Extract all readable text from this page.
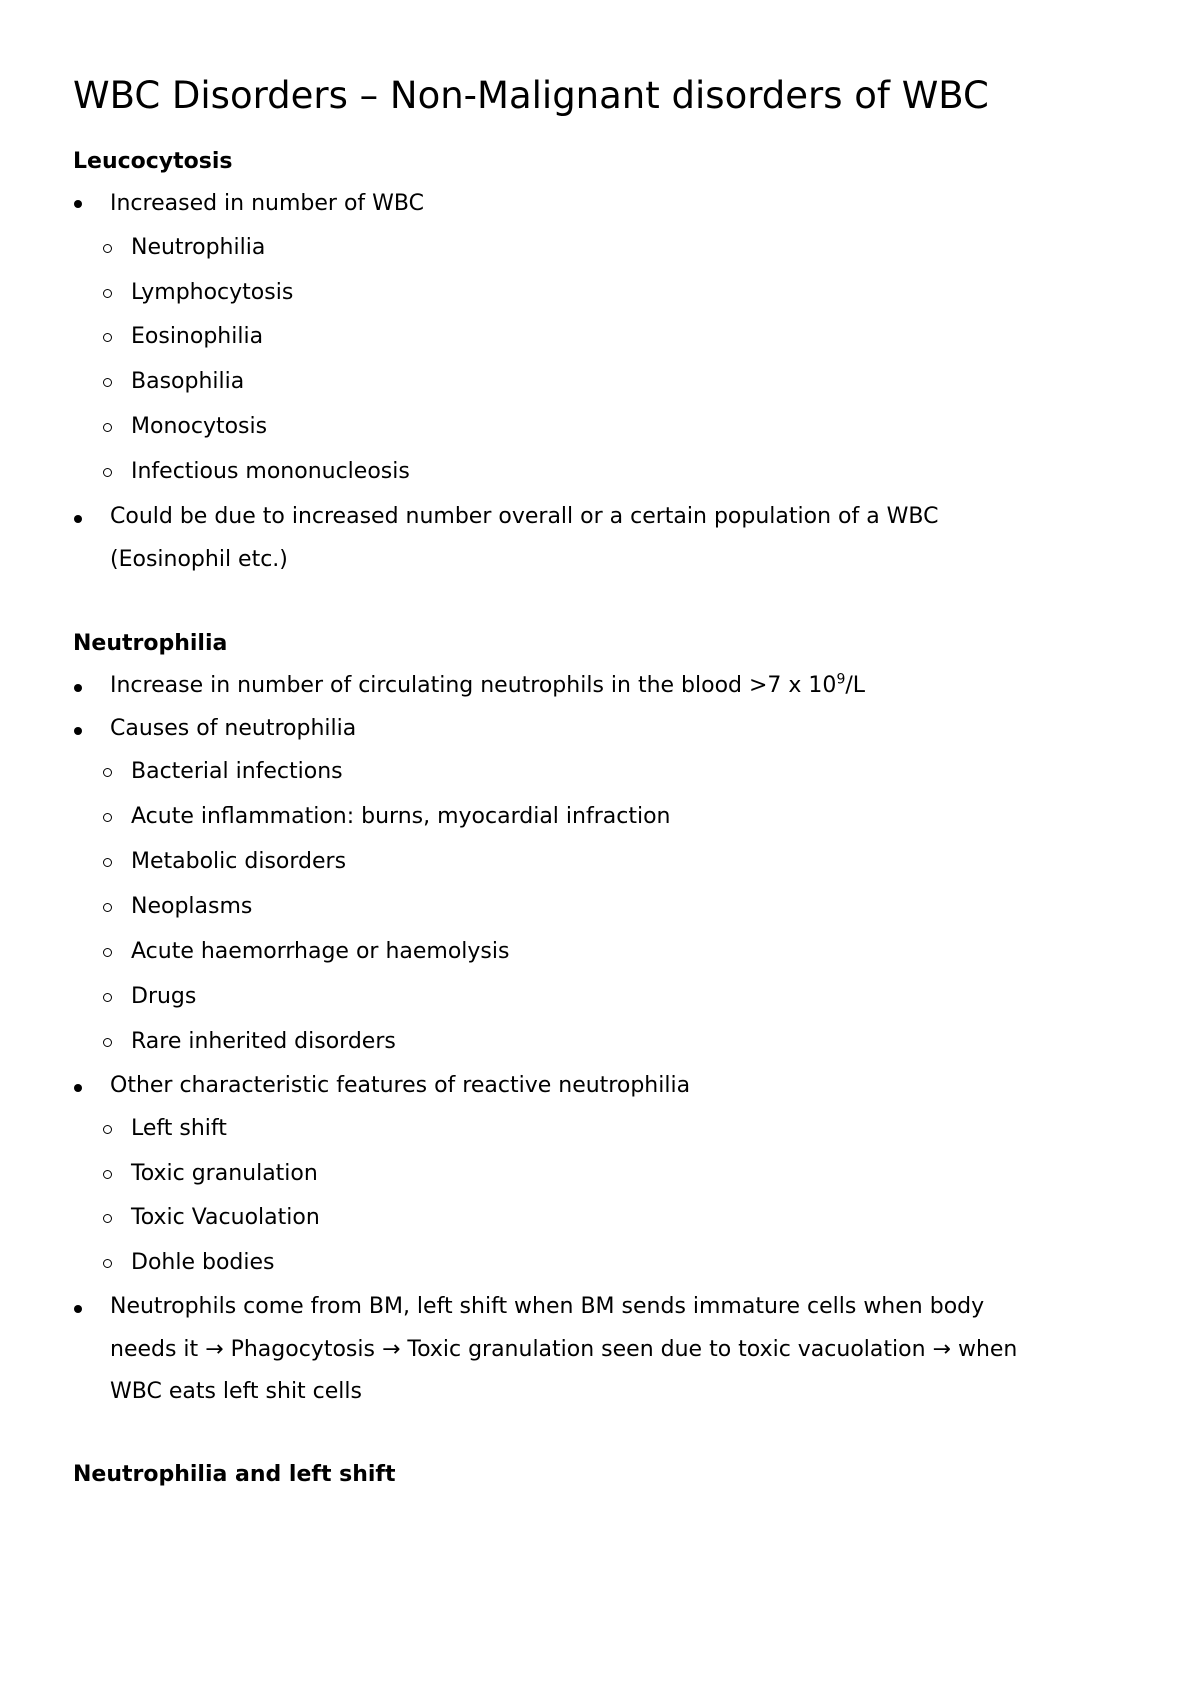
WBC Disorders – Non-Malignant disorders of WBC
Leucocytosis
Increased in number of WBC
Neutrophilia
Lymphocytosis
Eosinophilia
Basophilia
Monocytosis
Infectious mononucleosis
Could be due to increased number overall or a certain population of a WBC
(Eosinophil etc.)
Neutrophilia
Increase in number of circulating neutrophils in the blood >7 x $10^9/L$
Causes of neutrophilia
Bacterial infections
Acute inflammation: burns, myocardial infraction
Metabolic disorders
Neoplasms
Acute haemorrhage or haemolysis
Drugs
Rare inherited disorders
Other characteristic features of reactive neutrophilia
Left shift
Toxic granulation
Toxic Vacuolation
Dohle bodies
Neutrophils come from BM, left shift when BM sends immature cells when body
needs it → Phagocytosis → Toxic granulation seen due to toxic vacuolation → when
WBC eats left shit cells
Neutrophilia and left shift
